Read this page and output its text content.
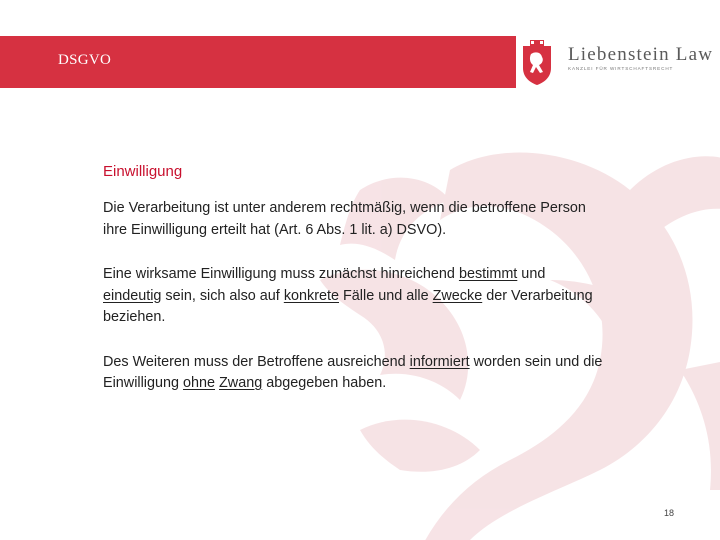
DSGVO	Liebenstein Law
KANZLEI FÜR WIRTSCHAFTSRECHT
Einwilligung

Die Verarbeitung ist unter anderem rechtmäßig, wenn die betroffene Person ihre Einwilligung erteilt hat (Art. 6 Abs. 1 lit. a) DSVO).

Eine wirksame Einwilligung muss zunächst hinreichend bestimmt und eindeutig sein, sich also auf konkrete Fälle und alle Zwecke der Verarbeitung beziehen.

Des Weiteren muss der Betroffene ausreichend informiert worden sein und die Einwilligung ohne Zwang abgegeben haben.

18
